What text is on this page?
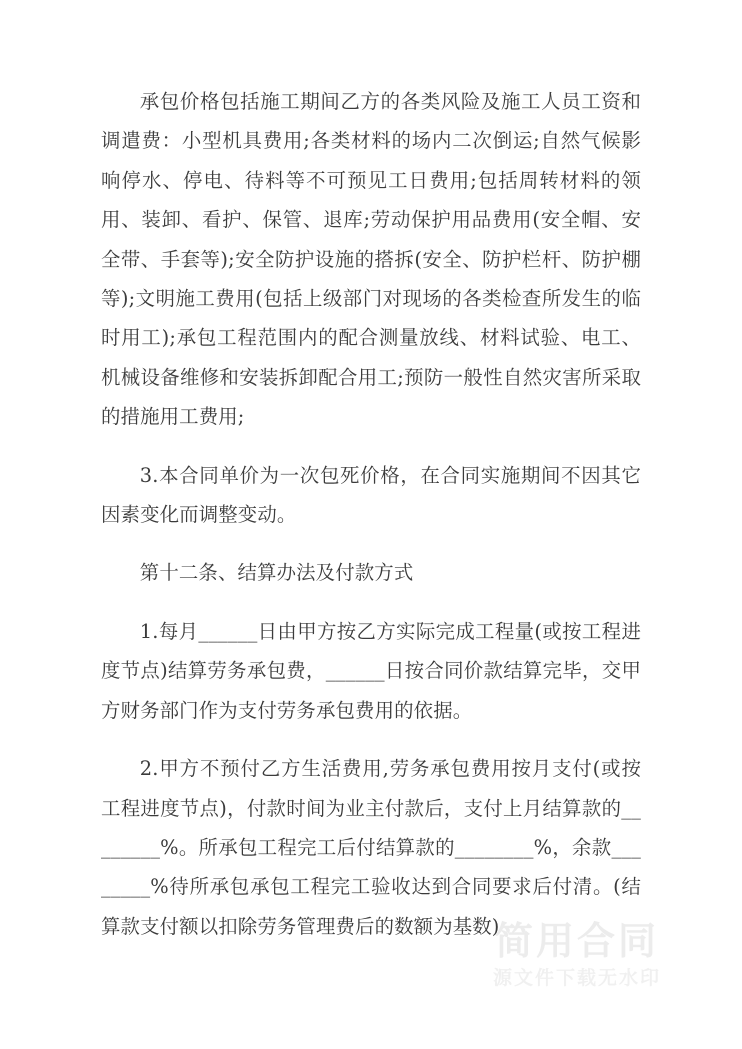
承包价格包括施工期间乙方的各类风险及施工人员工资和调遣费：小型机具费用;各类材料的场内二次倒运;自然气候影响停水、停电、待料等不可预见工日费用;包括周转材料的领用、装卸、看护、保管、退库;劳动保护用品费用(安全帽、安全带、手套等);安全防护设施的搭拆(安全、防护栏杆、防护棚等);文明施工费用(包括上级部门对现场的各类检查所发生的临时用工);承包工程范围内的配合测量放线、材料试验、电工、机械设备维修和安装拆卸配合用工;预防一般性自然灾害所采取的措施用工费用;

3.本合同单价为一次包死价格，在合同实施期间不因其它因素变化而调整变动。

第十二条、结算办法及付款方式

1.每月______日由甲方按乙方实际完成工程量(或按工程进度节点)结算劳务承包费，______日按合同价款结算完毕，交甲方财务部门作为支付劳务承包费用的依据。

2.甲方不预付乙方生活费用,劳务承包费用按月支付(或按工程进度节点)，付款时间为业主付款后，支付上月结算款的________%。所承包工程完工后付结算款的________%，余款________%待所承包承包工程完工验收达到合同要求后付清。(结算款支付额以扣除劳务管理费后的数额为基数)

简用合同
源文件下载无水印
